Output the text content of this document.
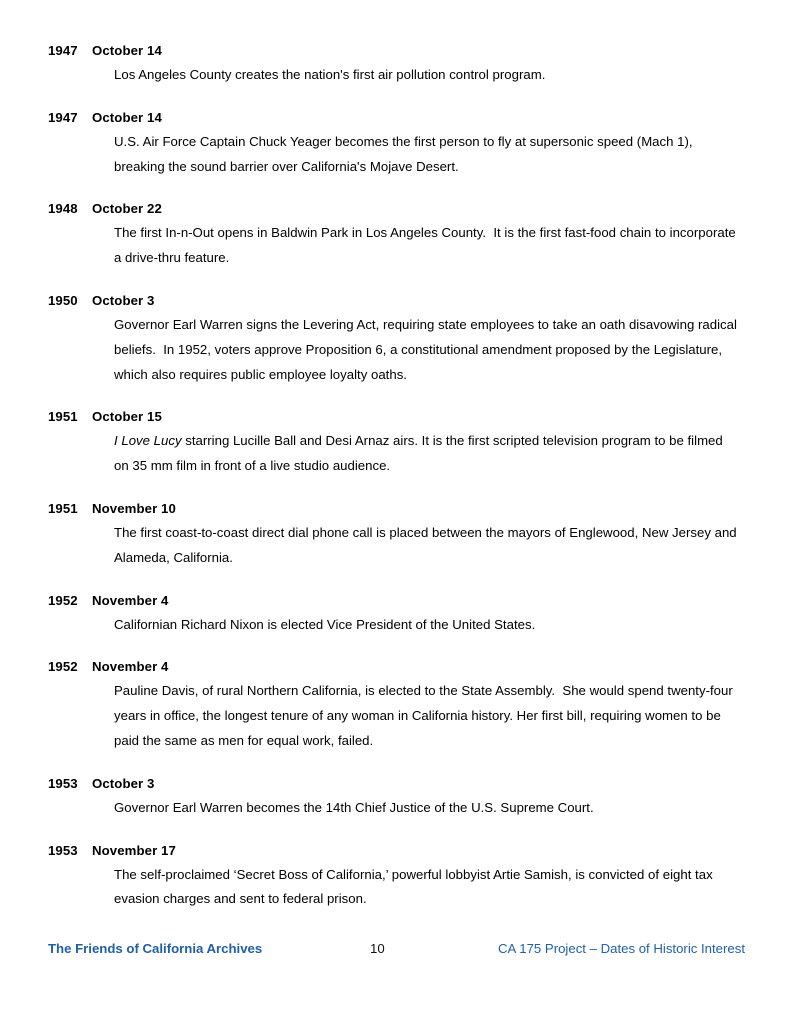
1947 October 14
Los Angeles County creates the nation's first air pollution control program.
1947 October 14
U.S. Air Force Captain Chuck Yeager becomes the first person to fly at supersonic speed (Mach 1), breaking the sound barrier over California's Mojave Desert.
1948 October 22
The first In-n-Out opens in Baldwin Park in Los Angeles County.  It is the first fast-food chain to incorporate a drive-thru feature.
1950 October 3
Governor Earl Warren signs the Levering Act, requiring state employees to take an oath disavowing radical beliefs.  In 1952, voters approve Proposition 6, a constitutional amendment proposed by the Legislature, which also requires public employee loyalty oaths.
1951 October 15
I Love Lucy starring Lucille Ball and Desi Arnaz airs. It is the first scripted television program to be filmed on 35 mm film in front of a live studio audience.
1951 November 10
The first coast-to-coast direct dial phone call is placed between the mayors of Englewood, New Jersey and Alameda, California.
1952 November 4
Californian Richard Nixon is elected Vice President of the United States.
1952 November 4
Pauline Davis, of rural Northern California, is elected to the State Assembly.  She would spend twenty-four years in office, the longest tenure of any woman in California history. Her first bill, requiring women to be paid the same as men for equal work, failed.
1953 October 3
Governor Earl Warren becomes the 14th Chief Justice of the U.S. Supreme Court.
1953 November 17
The self-proclaimed ‘Secret Boss of California,’ powerful lobbyist Artie Samish, is convicted of eight tax evasion charges and sent to federal prison.
The Friends of California Archives	10	CA 175 Project – Dates of Historic Interest
